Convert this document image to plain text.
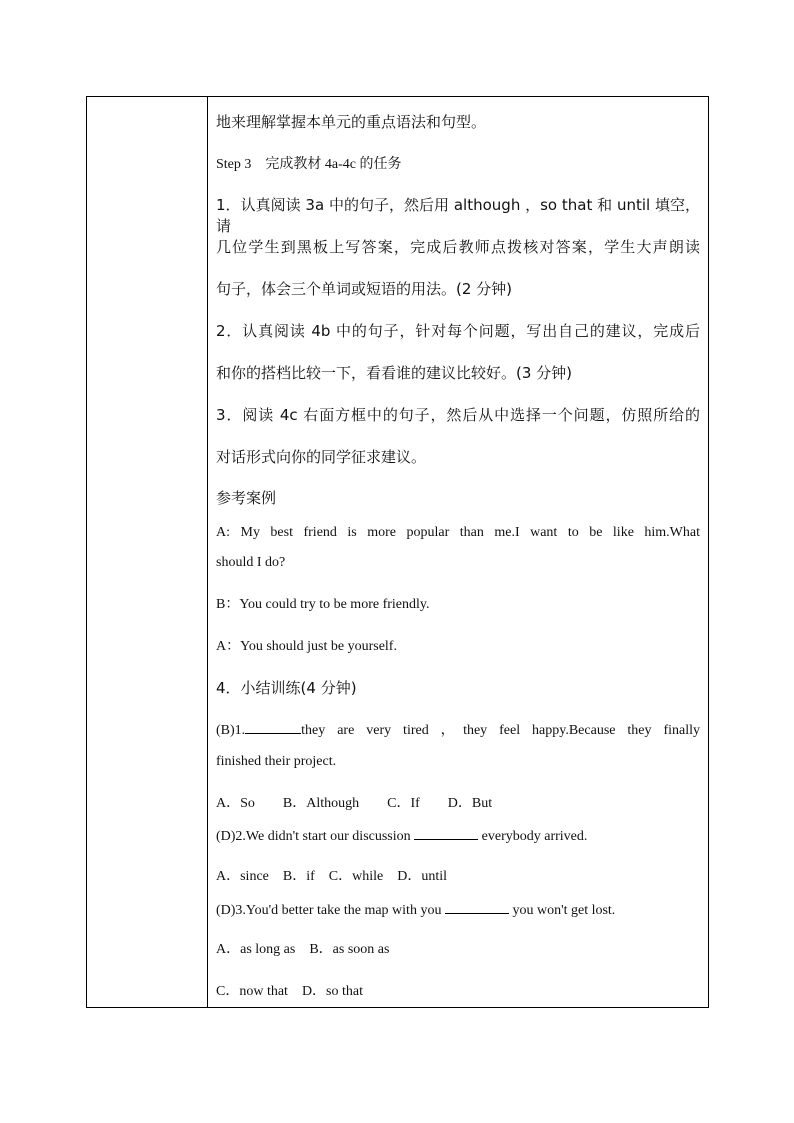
地来理解掌握本单元的重点语法和句型。
Step 3　完成教材 4a-4c 的任务
1．认真阅读 3a 中的句子，然后用 although ，so that 和 until 填空，请
几位学生到黑板上写答案，完成后教师点拨核对答案，学生大声朗读
句子，体会三个单词或短语的用法。(2 分钟)
2．认真阅读 4b 中的句子，针对每个问题，写出自己的建议，完成后
和你的搭档比较一下，看看谁的建议比较好。(3 分钟)
3．阅读 4c 右面方框中的句子，然后从中选择一个问题，仿照所给的
对话形式向你的同学征求建议。
参考案例
A: My best friend is more popular than me.I want to be like him.What
should I do?
B：You could try to be more friendly.
A：You should just be yourself.
4．小结训练(4 分钟)
(B)1.	they are very tired ，they feel happy.Because they finally
finished their project.
A．So　　B．Although　　C．If　　D．But
(D)2.We didn't start our discussion	everybody arrived.
A．since　B．if　C．while　D．until
(D)3.You'd better take the map with you	you won't get lost.
A．as long as　B．as soon as
C．now that　D．so that
